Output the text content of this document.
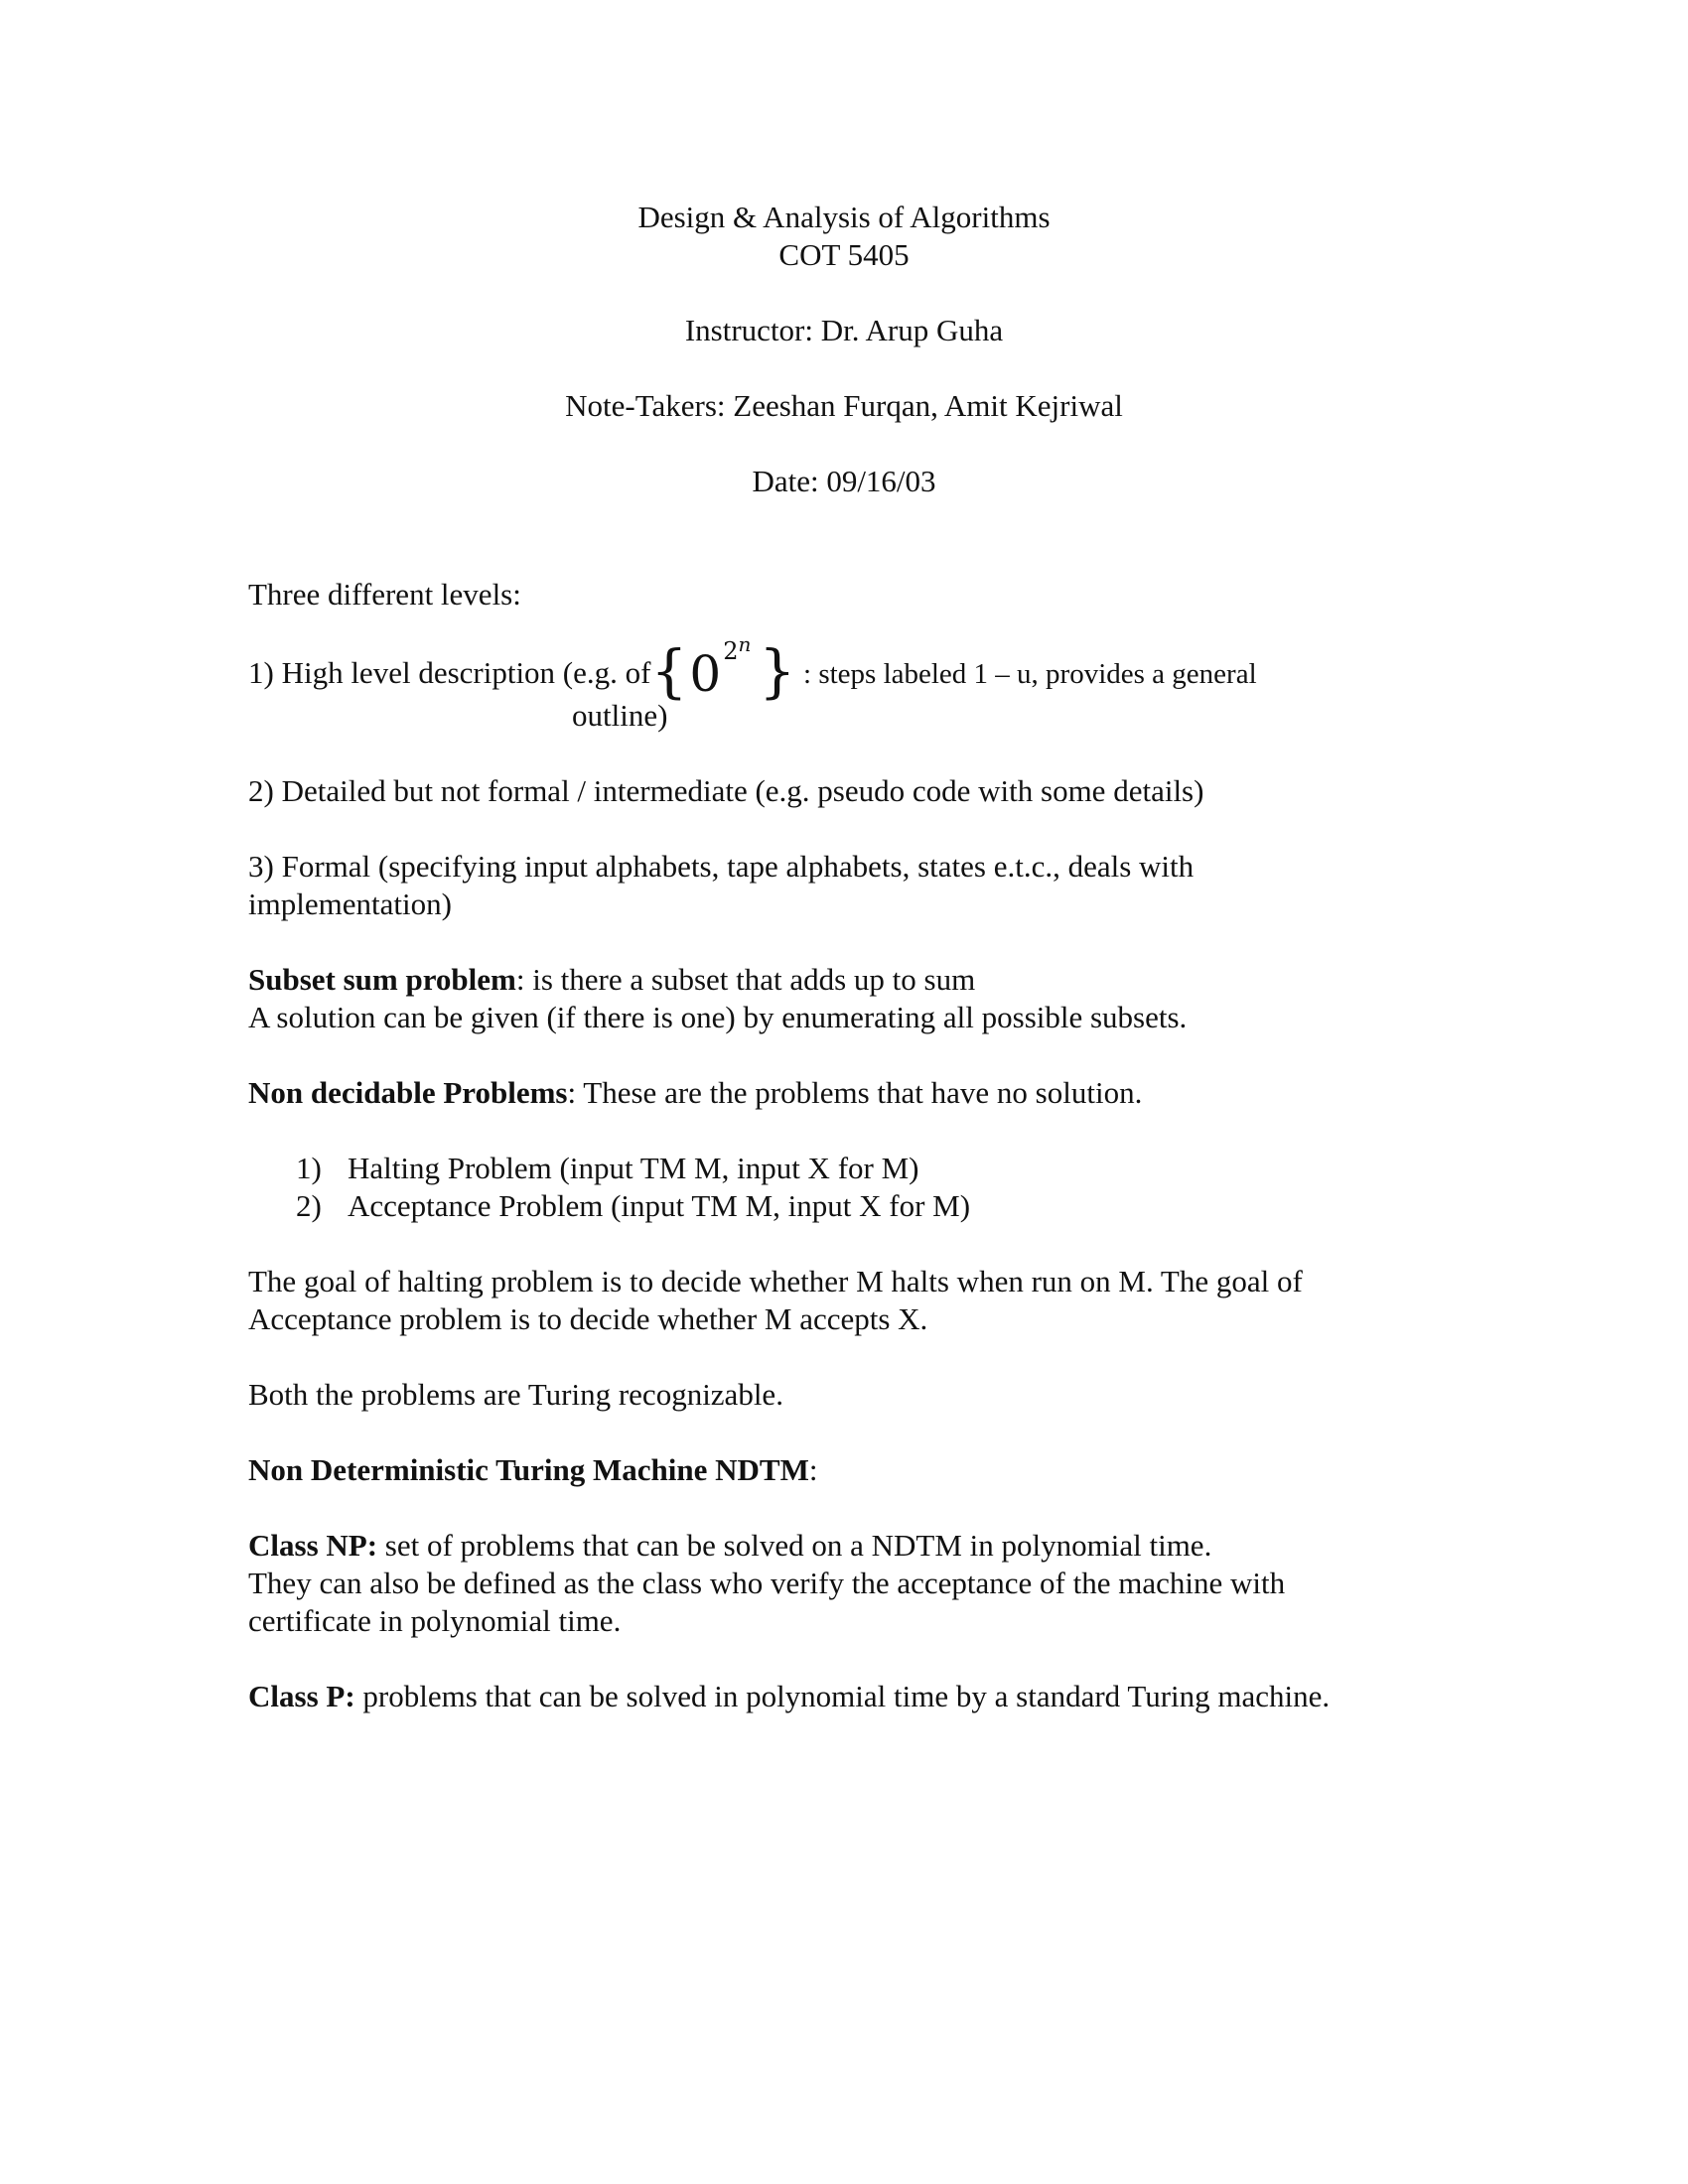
Design & Analysis of Algorithms
COT 5405
Instructor: Dr. Arup Guha
Note-Takers: Zeeshan Furqan, Amit Kejriwal
Date: 09/16/03
Three different levels:
1) High level description (e.g. $of\{0^{2^n}$ } : steps labeled 1 – u, provides a general
outline)
2) Detailed but not formal / intermediate (e.g. pseudo code with some details)
3) Formal (specifying input alphabets, tape alphabets, states e.t.c., deals with
implementation)
Subset sum problem: is there a subset that adds up to sum
A solution can be given (if there is one) by enumerating all possible subsets.
Non decidable Problems: These are the problems that have no solution.
1) Halting Problem (input TM M, input X for M)
2) Acceptance Problem (input TM M, input X for M)
The goal of halting problem is to decide whether M halts when run on M. The goal of
Acceptance problem is to decide whether M accepts X.
Both the problems are Turing recognizable.
Non Deterministic Turing Machine NDTM:
Class NP: set of problems that can be solved on a NDTM in polynomial time.
They can also be defined as the class who verify the acceptance of the machine with
certificate in polynomial time.
Class P: problems that can be solved in polynomial time by a standard Turing machine.
